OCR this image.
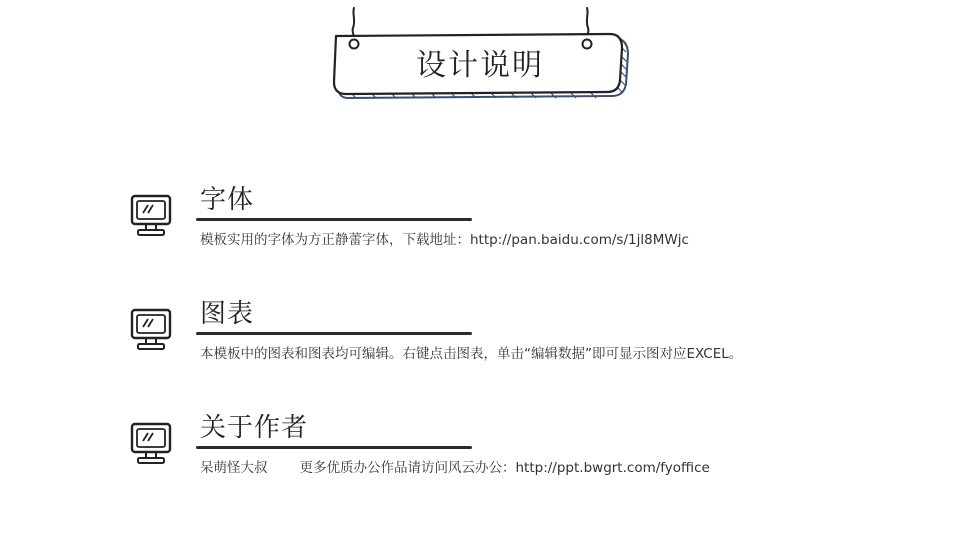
设计说明
字体
模板实用的字体为方正静蕾字体，下载地址：http://pan.baidu.com/s/1jl8MWjc
图表
本模板中的图表和图表均可编辑。右键点击图表，单击“编辑数据”即可显示图对应EXCEL。
关于作者
呆萌怪大叔 更多优质办公作品请访问风云办公：http://ppt.bwgrt.com/fyoffice
